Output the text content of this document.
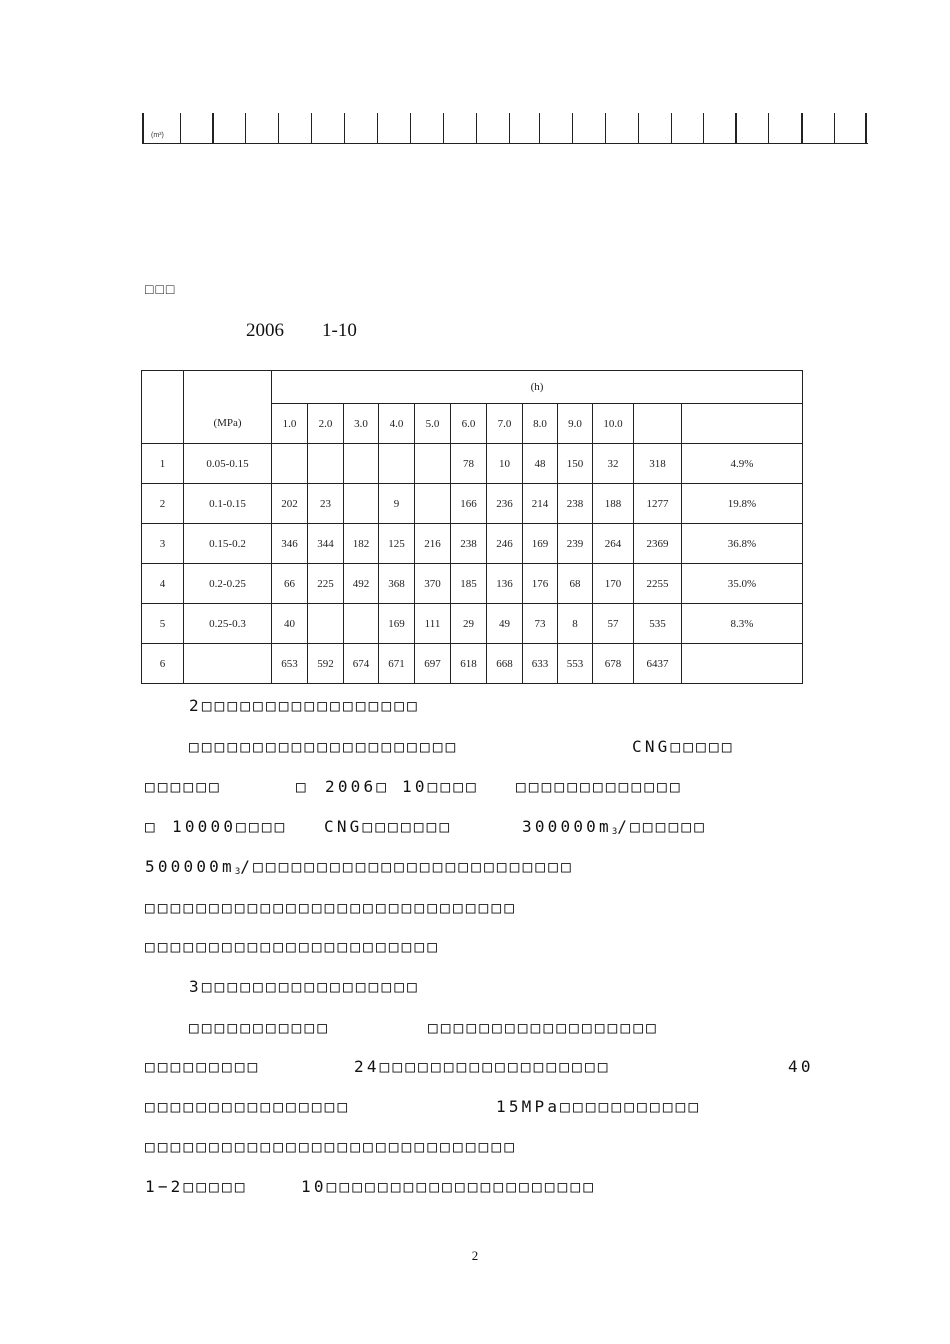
(m³)
□□□
2006 1-10
		(h)											
	(MPa)	1.0	2.0	3.0	4.0	5.0	6.0	7.0	8.0	9.0	10.0		
1	0.05-0.15						78	10	48	150	32	318	4.9%
2	0.1-0.15	202	23		9		166	236	214	238	188	1277	19.8%
3	0.15-0.2	346	344	182	125	216	238	246	169	239	264	2369	36.8%
4	0.2-0.25	66	225	492	368	370	185	136	176	68	170	2255	35.0%
5	0.25-0.3	40			169	111	29	49	73	8	57	535	8.3%
6		653	592	674	671	697	618	668	633	553	678	6437	
2□□□□□□□□□□□□□□□□□
□□□□□□□□□□□□□□□□□□□□□	CNG□□□□□
□□□□□□	□ 2006□ 10□□□□ □□□□□□□□□□□□□
□ 10000□□□□ CNG□□□□□□□	$300000m_3/□□□□□□$
$500000m_3/□□□□□□□□□□□□□□□□□□□□□□□□□$
□□□□□□□□□□□□□□□□□□□□□□□□□□□□□
□□□□□□□□□□□□□□□□□□□□□□□
3□□□□□□□□□□□□□□□□□
□□□□□□□□□□□	□□□□□□□□□□□□□□□□□□
□□□□□□□□□	24□□□□□□□□□□□□□□□□□□	40
□□□□□□□□□□□□□□□□	15MPa□□□□□□□□□□□
□□□□□□□□□□□□□□□□□□□□□□□□□□□□□
1−2□□□□□	10□□□□□□□□□□□□□□□□□□□□□
2
